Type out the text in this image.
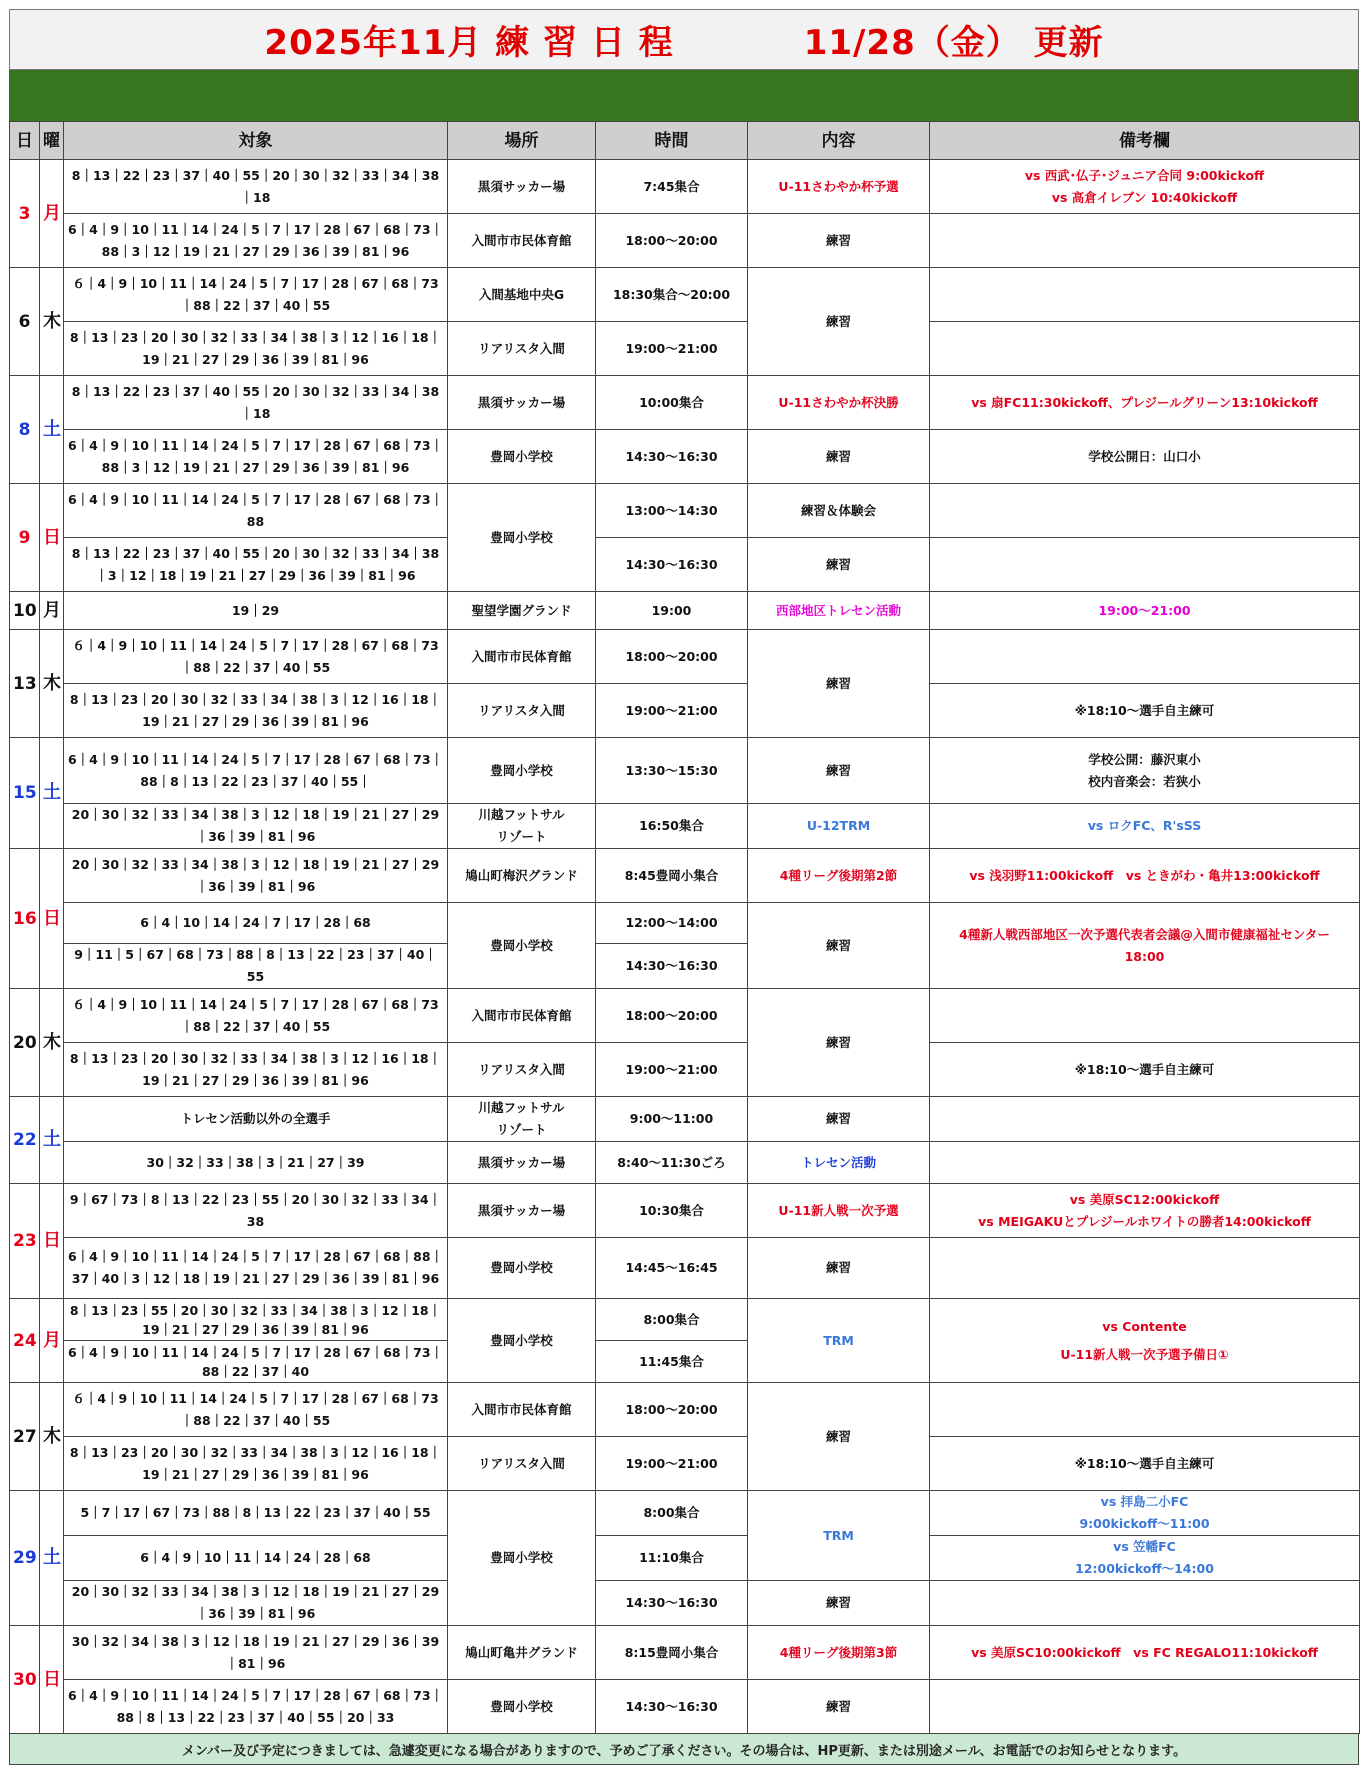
2025年11月 練 習 日 程	11/28（金） 更新
日	曜	対象	場所	時間	内容	備考欄
3	月	8｜13｜22｜23｜37｜40｜55｜20｜30｜32｜33｜34｜38｜18	黒須サッカー場	7:45集合	U-11さわやか杯予選	vs 西武･仏子･ジュニア合同 9:00kickoff
vs 高倉イレブン 10:40kickoff
		6｜4｜9｜10｜11｜14｜24｜5｜7｜17｜28｜67｜68｜73｜88｜3｜12｜19｜21｜27｜29｜36｜39｜81｜96	入間市市民体育館	18:00～20:00	練習	
6	木	６｜4｜9｜10｜11｜14｜24｜5｜7｜17｜28｜67｜68｜73｜88｜22｜37｜40｜55	入間基地中央G	18:30集合～20:00	練習	
		8｜13｜23｜20｜30｜32｜33｜34｜38｜3｜12｜16｜18｜19｜21｜27｜29｜36｜39｜81｜96	リアリスタ入間	19:00～21:00		
8	土	8｜13｜22｜23｜37｜40｜55｜20｜30｜32｜33｜34｜38｜18	黒須サッカー場	10:00集合	U-11さわやか杯決勝	vs 扇FC11:30kickoff、プレジールグリーン13:10kickoff
		6｜4｜9｜10｜11｜14｜24｜5｜7｜17｜28｜67｜68｜73｜88｜3｜12｜19｜21｜27｜29｜36｜39｜81｜96	豊岡小学校	14:30～16:30	練習	学校公開日：山口小
9	日	6｜4｜9｜10｜11｜14｜24｜5｜7｜17｜28｜67｜68｜73｜88	豊岡小学校	13:00～14:30	練習＆体験会	
		8｜13｜22｜23｜37｜40｜55｜20｜30｜32｜33｜34｜38｜3｜12｜18｜19｜21｜27｜29｜36｜39｜81｜96		14:30～16:30	練習	
10	月	19｜29	聖望学園グランド	19:00	西部地区トレセン活動	19:00～21:00
13	木	６｜4｜9｜10｜11｜14｜24｜5｜7｜17｜28｜67｜68｜73｜88｜22｜37｜40｜55	入間市市民体育館	18:00～20:00	練習	
		8｜13｜23｜20｜30｜32｜33｜34｜38｜3｜12｜16｜18｜19｜21｜27｜29｜36｜39｜81｜96	リアリスタ入間	19:00～21:00		※18:10～選手自主練可
15	土	6｜4｜9｜10｜11｜14｜24｜5｜7｜17｜28｜67｜68｜73｜88｜8｜13｜22｜23｜37｜40｜55｜	豊岡小学校	13:30～15:30	練習	学校公開：藤沢東小
校内音楽会：若狭小
		20｜30｜32｜33｜34｜38｜3｜12｜18｜19｜21｜27｜29｜36｜39｜81｜96	川越フットサル
リゾート	16:50集合	U-12TRM	vs ロクFC、R'sSS
16	日	20｜30｜32｜33｜34｜38｜3｜12｜18｜19｜21｜27｜29｜36｜39｜81｜96	鳩山町梅沢グランド	8:45豊岡小集合	4種リーグ後期第2節	vs 浅羽野11:00kickoff　vs ときがわ・亀井13:00kickoff
		6｜4｜10｜14｜24｜7｜17｜28｜68	豊岡小学校	12:00～14:00	練習	4種新人戦西部地区一次予選代表者会議@入間市健康福祉センター
18:00
		9｜11｜5｜67｜68｜73｜88｜8｜13｜22｜23｜37｜40｜55		14:30～16:30		
20	木	６｜4｜9｜10｜11｜14｜24｜5｜7｜17｜28｜67｜68｜73｜88｜22｜37｜40｜55	入間市市民体育館	18:00～20:00	練習	
		8｜13｜23｜20｜30｜32｜33｜34｜38｜3｜12｜16｜18｜19｜21｜27｜29｜36｜39｜81｜96	リアリスタ入間	19:00～21:00		※18:10～選手自主練可
22	土	トレセン活動以外の全選手	川越フットサル
リゾート	9:00～11:00	練習	
		30｜32｜33｜38｜3｜21｜27｜39	黒須サッカー場	8:40～11:30ごろ	トレセン活動	
23	日	9｜67｜73｜8｜13｜22｜23｜55｜20｜30｜32｜33｜34｜38	黒須サッカー場	10:30集合	U-11新人戦一次予選	vs 美原SC12:00kickoff
vs MEIGAKUとプレジールホワイトの勝者14:00kickoff
		6｜4｜9｜10｜11｜14｜24｜5｜7｜17｜28｜67｜68｜88｜37｜40｜3｜12｜18｜19｜21｜27｜29｜36｜39｜81｜96	豊岡小学校	14:45～16:45	練習	
24	月	8｜13｜23｜55｜20｜30｜32｜33｜34｜38｜3｜12｜18｜19｜21｜27｜29｜36｜39｜81｜96	豊岡小学校	8:00集合	TRM	vs Contente

U-11新人戦一次予選予備日①
		6｜4｜9｜10｜11｜14｜24｜5｜7｜17｜28｜67｜68｜73｜88｜22｜37｜40		11:45集合		
27	木	６｜4｜9｜10｜11｜14｜24｜5｜7｜17｜28｜67｜68｜73｜88｜22｜37｜40｜55	入間市市民体育館	18:00～20:00	練習	
		8｜13｜23｜20｜30｜32｜33｜34｜38｜3｜12｜16｜18｜19｜21｜27｜29｜36｜39｜81｜96	リアリスタ入間	19:00～21:00		※18:10～選手自主練可
29	土	5｜7｜17｜67｜73｜88｜8｜13｜22｜23｜37｜40｜55	豊岡小学校	8:00集合	TRM	vs 拝島二小FC
9:00kickoff～11:00
		6｜4｜9｜10｜11｜14｜24｜28｜68		11:10集合		vs 笠幡FC
12:00kickoff～14:00
		20｜30｜32｜33｜34｜38｜3｜12｜18｜19｜21｜27｜29｜36｜39｜81｜96		14:30～16:30	練習	
30	日	30｜32｜34｜38｜3｜12｜18｜19｜21｜27｜29｜36｜39｜81｜96	鳩山町亀井グランド	8:15豊岡小集合	4種リーグ後期第3節	vs 美原SC10:00kickoff　vs FC REGALO11:10kickoff
		6｜4｜9｜10｜11｜14｜24｜5｜7｜17｜28｜67｜68｜73｜88｜8｜13｜22｜23｜37｜40｜55｜20｜33	豊岡小学校	14:30～16:30	練習	
メンバー及び予定につきましては、急遽変更になる場合がありますので、予めご了承ください。その場合は、HP更新、または別途メール、お電話でのお知らせとなります。
